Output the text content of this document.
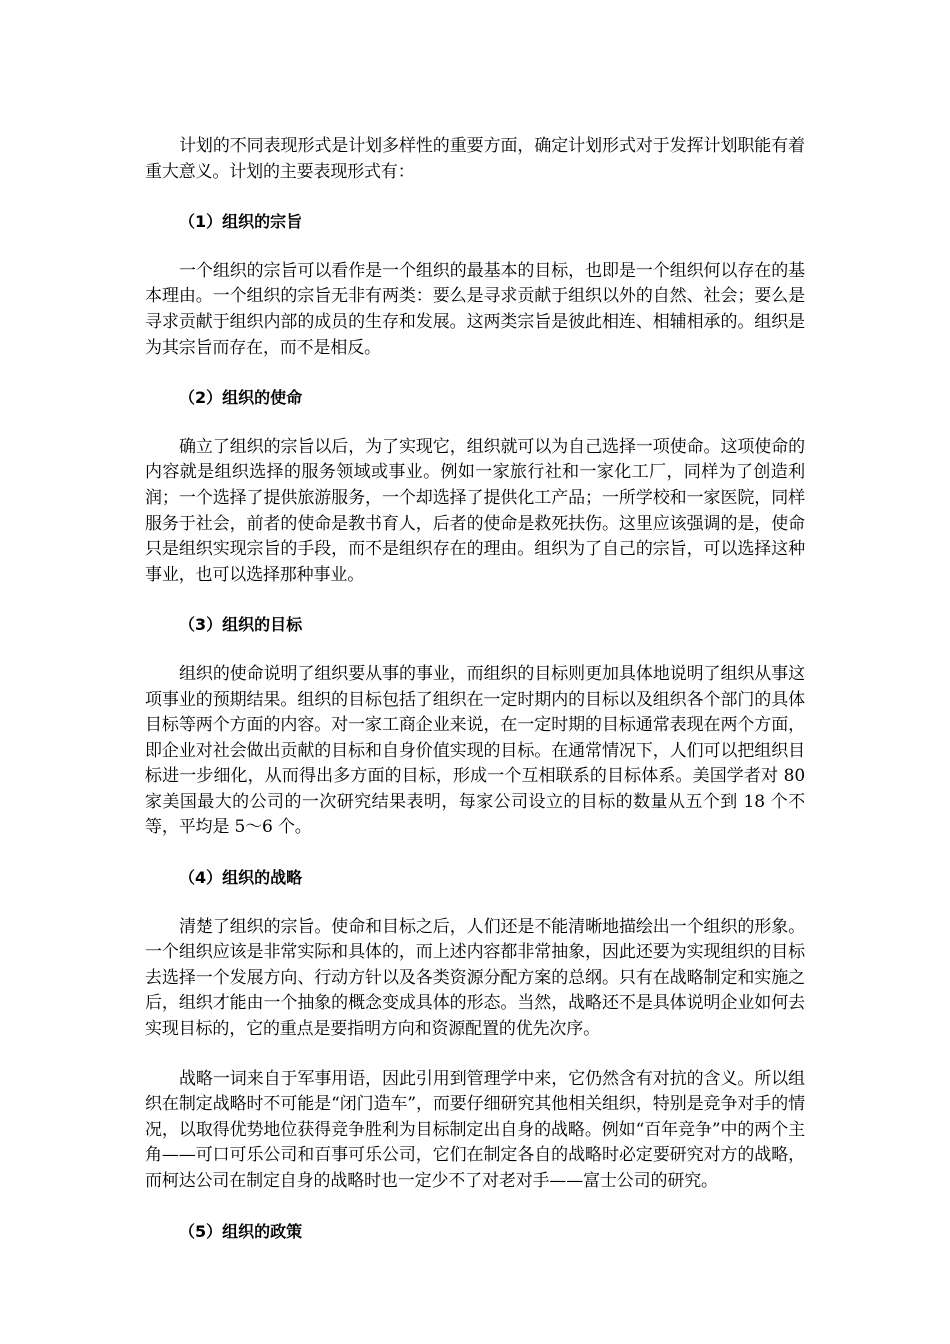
计划的不同表现形式是计划多样性的重要方面，确定计划形式对于发挥计划职能有着重大意义。计划的主要表现形式有：

（1）组织的宗旨

一个组织的宗旨可以看作是一个组织的最基本的目标，也即是一个组织何以存在的基本理由。一个组织的宗旨无非有两类：要么是寻求贡献于组织以外的自然、社会；要么是寻求贡献于组织内部的成员的生存和发展。这两类宗旨是彼此相连、相辅相承的。组织是为其宗旨而存在，而不是相反。

（2）组织的使命

确立了组织的宗旨以后，为了实现它，组织就可以为自己选择一项使命。这项使命的内容就是组织选择的服务领域或事业。例如一家旅行社和一家化工厂，同样为了创造利润；一个选择了提供旅游服务，一个却选择了提供化工产品；一所学校和一家医院，同样服务于社会，前者的使命是教书育人，后者的使命是救死扶伤。这里应该强调的是，使命只是组织实现宗旨的手段，而不是组织存在的理由。组织为了自己的宗旨，可以选择这种事业，也可以选择那种事业。

（3）组织的目标

组织的使命说明了组织要从事的事业，而组织的目标则更加具体地说明了组织从事这项事业的预期结果。组织的目标包括了组织在一定时期内的目标以及组织各个部门的具体目标等两个方面的内容。对一家工商企业来说，在一定时期的目标通常表现在两个方面，即企业对社会做出贡献的目标和自身价值实现的目标。在通常情况下，人们可以把组织目标进一步细化，从而得出多方面的目标，形成一个互相联系的目标体系。美国学者对 80 家美国最大的公司的一次研究结果表明，每家公司设立的目标的数量从五个到 18 个不等，平均是 5～6 个。

（4）组织的战略

清楚了组织的宗旨。使命和目标之后，人们还是不能清晰地描绘出一个组织的形象。一个组织应该是非常实际和具体的，而上述内容都非常抽象，因此还要为实现组织的目标去选择一个发展方向、行动方针以及各类资源分配方案的总纲。只有在战略制定和实施之后，组织才能由一个抽象的概念变成具体的形态。当然，战略还不是具体说明企业如何去实现目标的，它的重点是要指明方向和资源配置的优先次序。

战略一词来自于军事用语，因此引用到管理学中来，它仍然含有对抗的含义。所以组织在制定战略时不可能是“闭门造车”，而要仔细研究其他相关组织，特别是竞争对手的情况，以取得优势地位获得竞争胜利为目标制定出自身的战略。例如“百年竞争”中的两个主角——可口可乐公司和百事可乐公司，它们在制定各自的战略时必定要研究对方的战略，而柯达公司在制定自身的战略时也一定少不了对老对手——富士公司的研究。

（5）组织的政策
